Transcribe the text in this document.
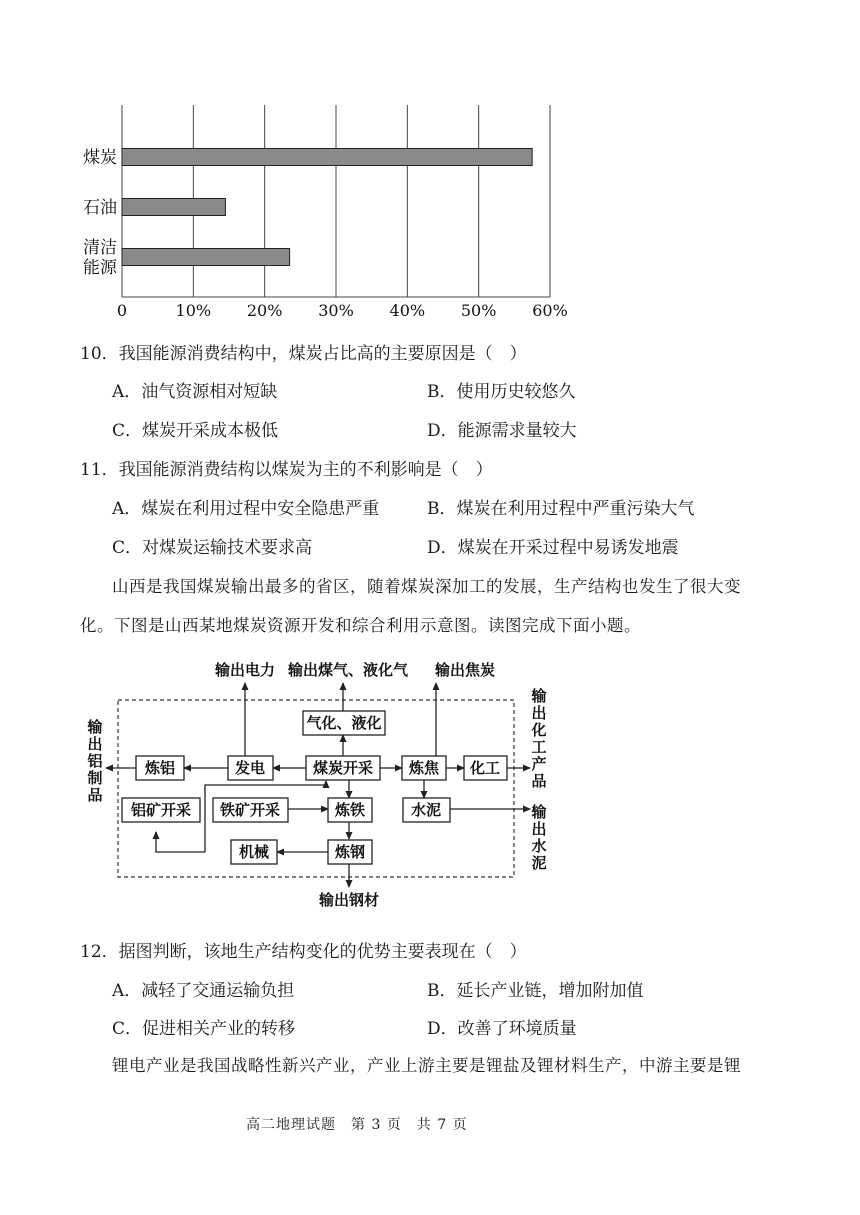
煤炭
石油
清洁
能源
0	10% 20% 30% 40% 50% 60%
10．我国能源消费结构中，煤炭占比高的主要原因是（　）
A．油气资源相对短缺	B．使用历史较悠久
C．煤炭开采成本极低	D．能源需求量较大
11．我国能源消费结构以煤炭为主的不利影响是（　）
A．煤炭在利用过程中安全隐患严重	B．煤炭在利用过程中严重污染大气
C．对煤炭运输技术要求高	D．煤炭在开采过程中易诱发地震
山西是我国煤炭输出最多的省区，随着煤炭深加工的发展，生产结构也发生了很大变
化。下图是山西某地煤炭资源开发和综合利用示意图。读图完成下面小题。
气化、液化
炼铝	发电	煤炭开采 炼焦 化工
铝矿开采 铁矿开采	炼铁	水泥
机械	炼钢
输出电力 输出煤气、液化气 输出焦炭
输出钢材
输出化工产品
输出铝制品
输出水泥
锂电产业是我国战略性新兴产业，产业上游主要是锂盐及锂材料生产，中游主要是锂
12．据图判断，该地生产结构变化的优势主要表现在（　）
A．减轻了交通运输负担	B．延长产业链，增加附加值
C．促进相关产业的转移	D．改善了环境质量
高二地理试题　第 3 页　共 7 页
